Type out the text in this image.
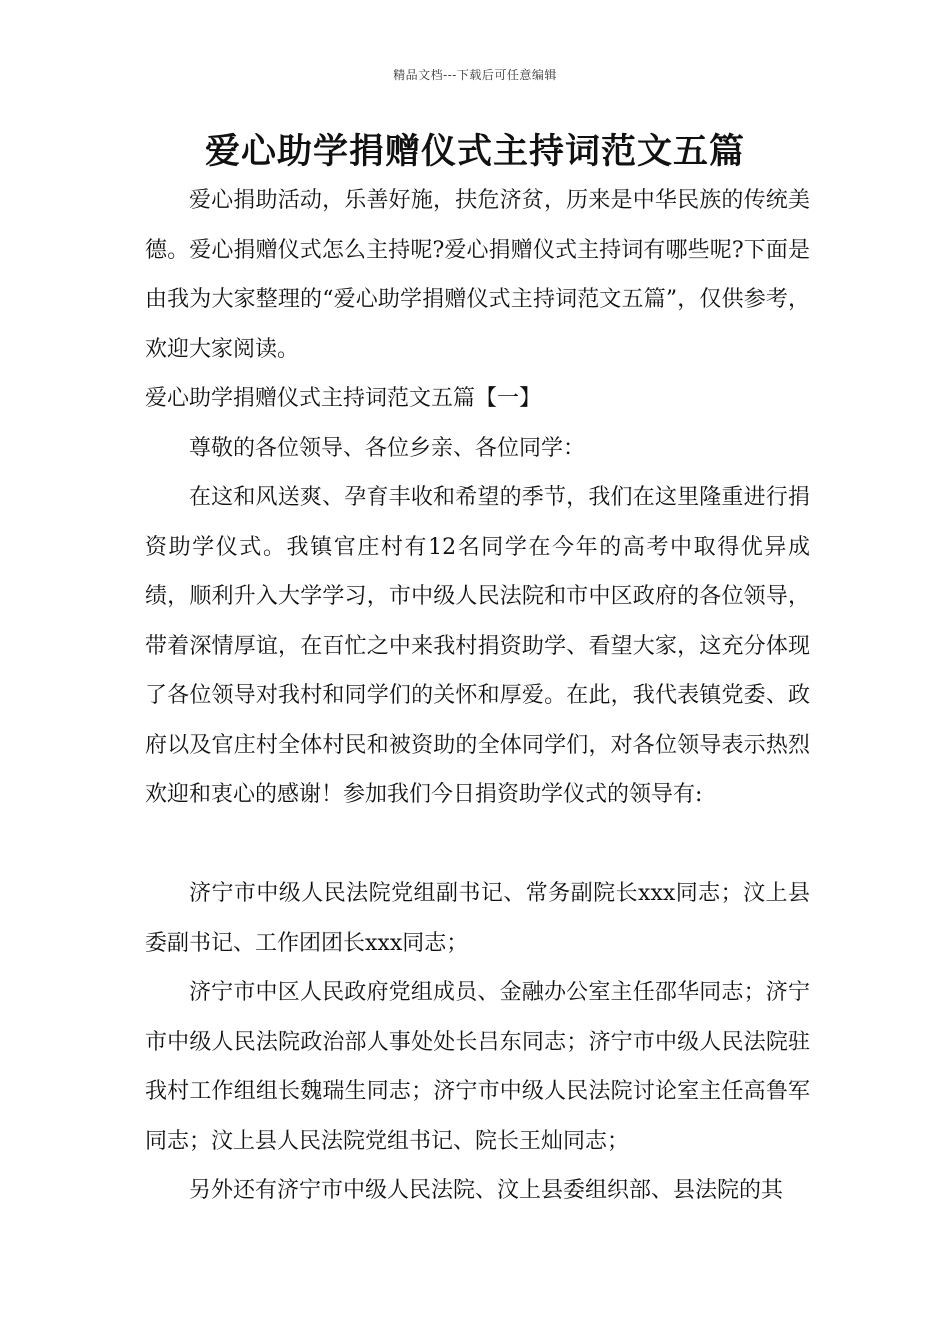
精品文档---下载后可任意编辑
爱心助学捐赠仪式主持词范文五篇

爱心捐助活动，乐善好施，扶危济贫，历来是中华民族的传统美德。爱心捐赠仪式怎么主持呢?爱心捐赠仪式主持词有哪些呢?下面是由我为大家整理的“爱心助学捐赠仪式主持词范文五篇”，仅供参考，欢迎大家阅读。

爱心助学捐赠仪式主持词范文五篇【一】

尊敬的各位领导、各位乡亲、各位同学：

在这和风送爽、孕育丰收和希望的季节，我们在这里隆重进行捐资助学仪式。我镇官庄村有12名同学在今年的高考中取得优异成绩，顺利升入大学学习，市中级人民法院和市中区政府的各位领导，带着深情厚谊，在百忙之中来我村捐资助学、看望大家，这充分体现了各位领导对我村和同学们的关怀和厚爱。在此，我代表镇党委、政府以及官庄村全体村民和被资助的全体同学们，对各位领导表示热烈欢迎和衷心的感谢！参加我们今日捐资助学仪式的领导有:

济宁市中级人民法院党组副书记、常务副院长xxx同志；汶上县委副书记、工作团团长xxx同志；

济宁市中区人民政府党组成员、金融办公室主任邵华同志；济宁市中级人民法院政治部人事处处长吕东同志；济宁市中级人民法院驻我村工作组组长魏瑞生同志；济宁市中级人民法院讨论室主任高鲁军同志；汶上县人民法院党组书记、院长王灿同志；

另外还有济宁市中级人民法院、汶上县委组织部、县法院的其
